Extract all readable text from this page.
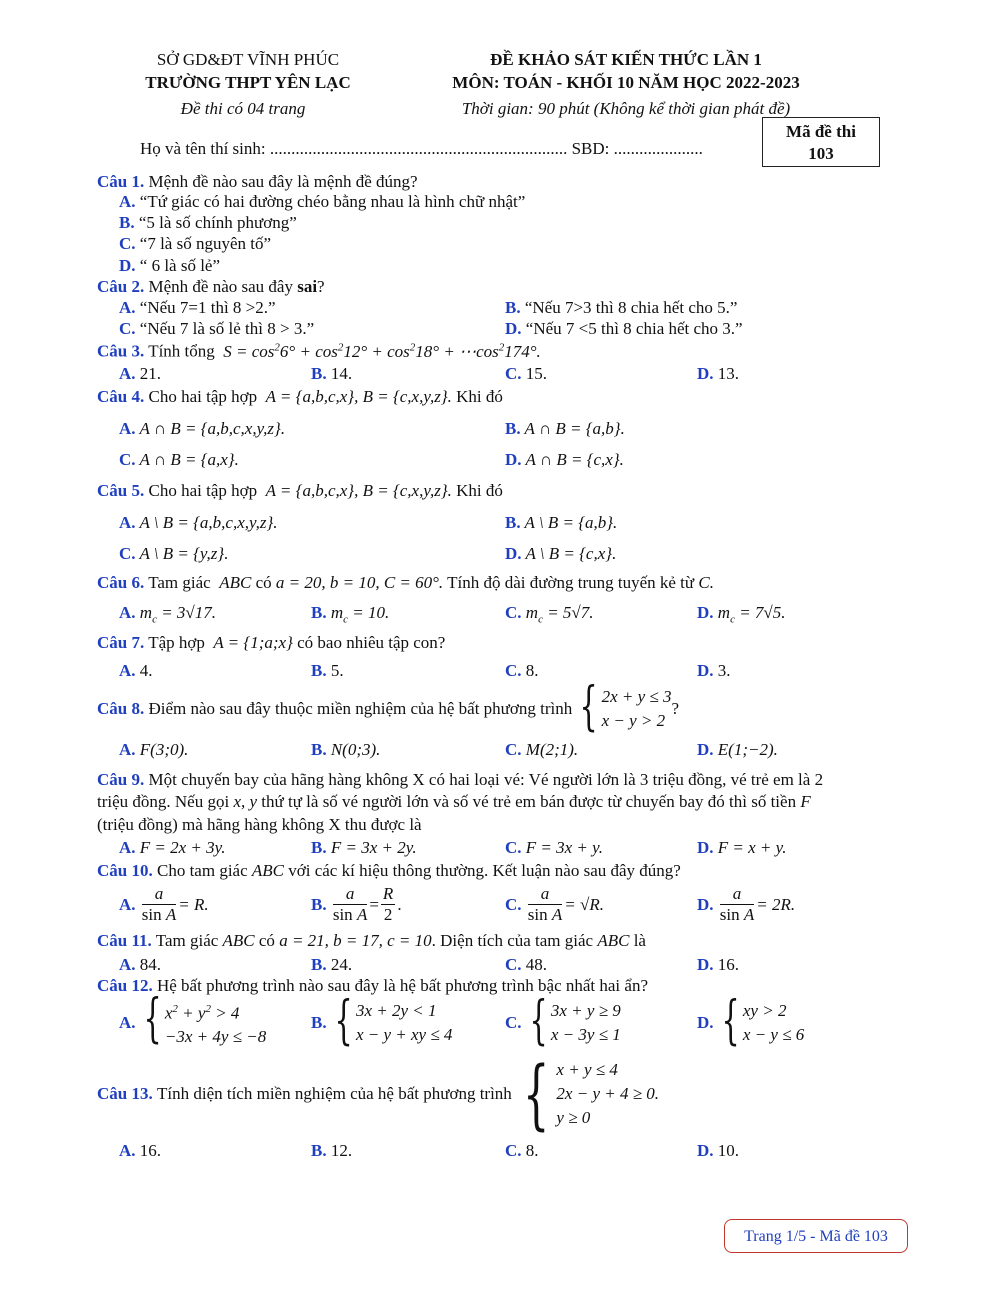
SỞ GD&ĐT VĨNH PHÚC
TRƯỜNG THPT YÊN LẠC
Đề thi có 04 trang
ĐỀ KHẢO SÁT KIẾN THỨC LẦN 1
MÔN: TOÁN - KHỐI 10 NĂM HỌC 2022-2023
Thời gian: 90 phút (Không kể thời gian phát đề)
Họ và tên thí sinh: ...................................................................... SBD: .....................
Mã đề thi
103
Câu 1. Mệnh đề nào sau đây là mệnh đề đúng?
A. “Tứ giác có hai đường chéo bằng nhau là hình chữ nhật”
B. “5 là số chính phương”
C. “7 là số nguyên tố”
D. “ 6 là số lẻ”
Câu 2. Mệnh đề nào sau đây sai?
A. “Nếu 7=1 thì 8 >2.”	B. “Nếu 7>3 thì 8 chia hết cho 5.”
C. “Nếu 7 là số lẻ thì 8 > 3.”	D. “Nếu 7 <5 thì 8 chia hết cho 3.”
Câu 3. Tính tổng  $S = \cos^26^\circ + \cos^212^\circ + \cos^218^\circ$ + $\cdots\cos^2174^\circ$.
A. 21.	B. 14.	C. 15.	D. 13.
Câu 4. Cho hai tập hợp  A = {a,b,c,x}, B = {c,x,y,z}. Khi đó
A. A ∩ B = {a,b,c,x,y,z}.	B. A ∩ B = {a,b}.
C. A ∩ B = {a,x}.	D. A ∩ B = {c,x}.
Câu 5. Cho hai tập hợp  A = {a,b,c,x}, B = {c,x,y,z}. Khi đó
A. A \ B = {a,b,c,x,y,z}.	B. A \ B = {a,b}.
C. A \ B = {y,z}.	D. A \ B = {c,x}.
Câu 6. Tam giác  ABC có a = 20, b = 10, C = 60°. Tính độ dài đường trung tuyến kẻ từ C.
A. $m_c = 3√17$.	B. $m_c = 10$.	C. $m_c = 5√7$.	D. $m_c = 7√5$.
Câu 7. Tập hợp  A = {1;a;x} có bao nhiêu tập con?
A. 4.	B. 5.	C. 8.	D. 3.
Câu 8.
Điểm nào sau đây thuộc miền nghiệm của hệ bất phương trình
{ 2x + y ≤ 3
x − y > 2
?
A. F(3;0).	B. N(0;3).	C. M(2;1).	D. E(1;−2).
Câu 9. Một chuyến bay của hãng hàng không X có hai loại vé: Vé người lớn là 3 triệu đồng, vé trẻ em là 2
triệu đồng. Nếu gọi x, y thứ tự là số vé người lớn và số vé trẻ em bán được từ chuyến bay đó thì số tiền F
(triệu đồng) mà hãng hàng không X thu được là
A. F = 2x + 3y.	B. F = 3x + 2y.	C. F = 3x + y.	D. F = x + y.
Câu 10. Cho tam giác ABC với các kí hiệu thông thường. Kết luận nào sau đây đúng?
A.
$\frac{a}{\text{sin A}} = R$.	B.
$\frac{a}{\text{sin A}} = \frac{R}{2}$ .	C.
$\frac{a}{\text{sin A}} = √R$.	D.
$\frac{a}{\text{sin A}} = 2R$.
Câu 11. Tam giác ABC có a = 21, b = 17, c = 10. Diện tích của tam giác ABC là
A. 84.	B. 24.	C. 48.	D. 16.
Câu 12. Hệ bất phương trình nào sau đây là hệ bất phương trình bậc nhất hai ẩn?
A.
{ $x^2 + y^2 > 4$
−3x + 4y ≤ −8
B.
{ 3x + 2y < 1
x − y + xy ≤ 4
C.
{ 3x + y ≥ 9
x − 3y ≤ 1
D.
{ xy > 2
x − y ≤ 6
Câu 13.
Tính diện tích miền nghiệm của hệ bất phương trình
{ x + y ≤ 4
2x − y + 4 ≥ 0.
y ≥ 0
A. 16.	B. 12.	C. 8.	D. 10.
Trang 1/5 - Mã đề 103
